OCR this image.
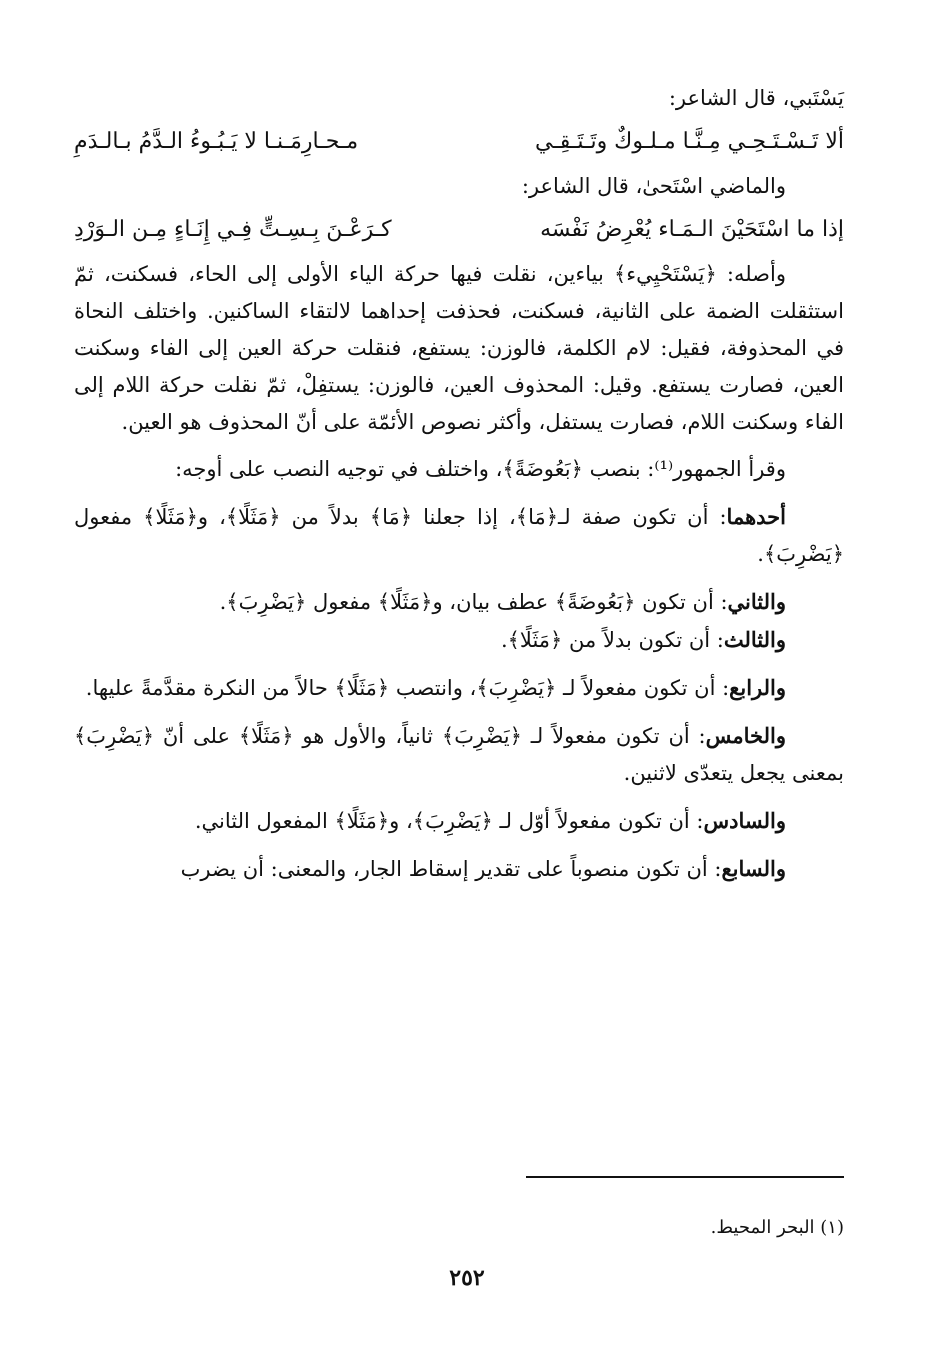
يَسْتَبي، قال الشاعر:

ألا تَـسْـتَـحِـي مِـنَّـا مـلـوكٌ وتَـتَـقِـي
مـحـارِمَـنـا لا يَـبُـوءُ الـدَّمُ بـالـدَمِ

والماضي اسْتَحىٰ، قال الشاعر:

إذا ما اسْتَحَيْنَ الـمَـاء يُعْرِضُ نَفْسَه
كـرَعْـنَ بِـسِـتٍّ فِـي إِنَـاءٍ مِـن الـوَرْدِ

وأصله: ﴿يَسْتَحْيِيء﴾ بياءين، نقلت فيها حركة الياء الأولى إلى الحاء، فسكنت، ثمّ استثقلت الضمة على الثانية، فسكنت، فحذفت إحداهما لالتقاء الساكنين. واختلف النحاة في المحذوفة، فقيل: لام الكلمة، فالوزن: يستفع، فنقلت حركة العين إلى الفاء وسكنت العين، فصارت يستفع. وقيل: المحذوف العين، فالوزن: يستفِلْ، ثمّ نقلت حركة اللام إلى الفاء وسكنت اللام، فصارت يستفل، وأكثر نصوص الأئمّة على أنّ المحذوف هو العين.

وقرأ الجمهور⁽¹⁾: بنصب ﴿بَعُوضَةً﴾، واختلف في توجيه النصب على أوجه:

أحدهما: أن تكون صفة لـ﴿مَا﴾، إذا جعلنا ﴿مَا﴾ بدلاً من ﴿مَثَلًا﴾، و﴿مَثَلًا﴾ مفعول ﴿يَضْرِبَ﴾.

والثاني: أن تكون ﴿بَعُوضَةً﴾ عطف بيان، و﴿مَثَلًا﴾ مفعول ﴿يَضْرِبَ﴾.

والثالث: أن تكون بدلاً من ﴿مَثَلًا﴾.

والرابع: أن تكون مفعولاً لـ ﴿يَضْرِبَ﴾، وانتصب ﴿مَثَلًا﴾ حالاً من النكرة مقدَّمةً عليها.

والخامس: أن تكون مفعولاً لـ ﴿يَضْرِبَ﴾ ثانياً، والأول هو ﴿مَثَلًا﴾ على أنّ ﴿يَضْرِبَ﴾ بمعنى يجعل يتعدّى لاثنين.

والسادس: أن تكون مفعولاً أوّل لـ ﴿يَضْرِبَ﴾، و﴿مَثَلًا﴾ المفعول الثاني.

والسابع: أن تكون منصوباً على تقدير إسقاط الجار، والمعنى: أن يضرب

(١) البحر المحيط.

٢٥٢
